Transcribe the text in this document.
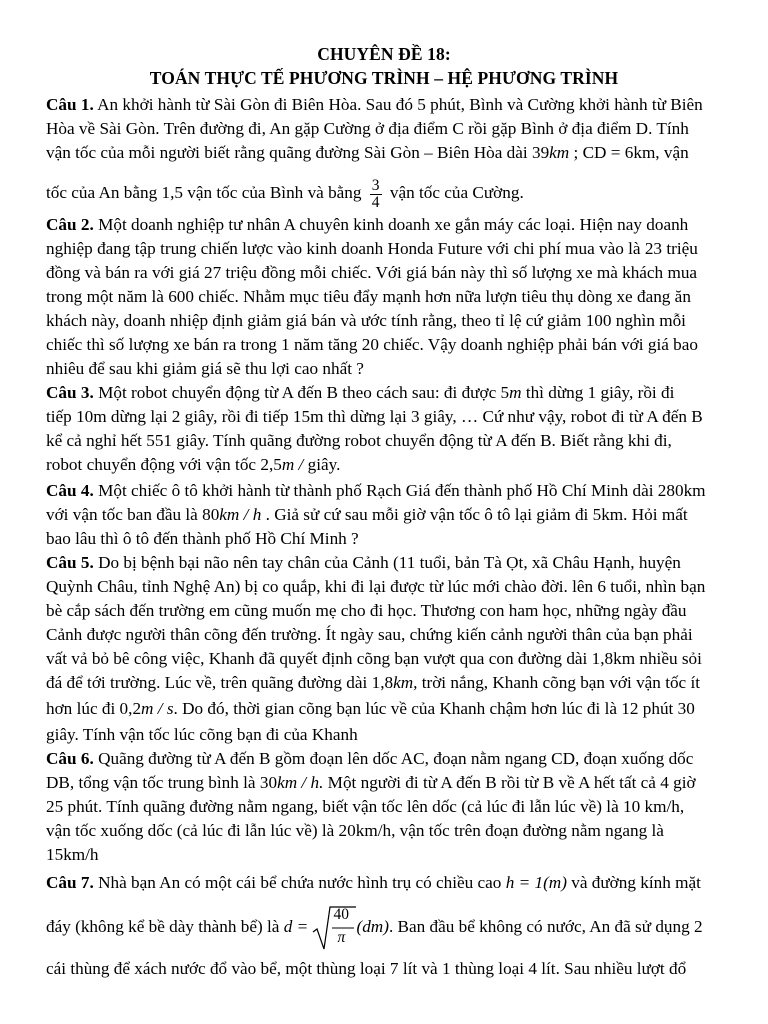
CHUYÊN ĐỀ 18:
TOÁN THỰC TẾ PHƯƠNG TRÌNH – HỆ PHƯƠNG TRÌNH
Câu 1. An khởi hành từ Sài Gòn đi Biên Hòa. Sau đó 5 phút, Bình và Cường khởi hành từ Biên
Hòa về Sài Gòn. Trên đường đi, An gặp Cường ở địa điểm C rồi gặp Bình ở địa điểm D. Tính
vận tốc của mỗi người biết rằng quãng đường Sài Gòn – Biên Hòa dài 39km ; CD = 6km, vận
tốc của An bằng 1,5 vận tốc của Bình và bằng $\frac{3}{4}$ vận tốc của Cường.
Câu 2. Một doanh nghiệp tư nhân A chuyên kinh doanh xe gắn máy các loại. Hiện nay doanh
nghiệp đang tập trung chiến lược vào kinh doanh Honda Future với chi phí mua vào là 23 triệu
đồng và bán ra với giá 27 triệu đồng mỗi chiếc. Với giá bán này thì số lượng xe mà khách mua
trong một năm là 600 chiếc. Nhằm mục tiêu đẩy mạnh hơn nữa lượn tiêu thụ dòng xe đang ăn
khách này, doanh nhiệp định giảm giá bán và ước tính rằng, theo tỉ lệ cứ giảm 100 nghìn mỗi
chiếc thì số lượng xe bán ra trong 1 năm tăng 20 chiếc. Vậy doanh nghiệp phải bán với giá bao
nhiêu để sau khi giảm giá sẽ thu lợi cao nhất ?
Câu 3. Một robot chuyển động từ A đến B theo cách sau: đi được 5m thì dừng 1 giây, rồi đi
tiếp 10m dừng lại 2 giây, rồi đi tiếp 15m thì dừng lại 3 giây, … Cứ như vậy, robot đi từ A đến B
kể cả nghỉ hết 551 giây. Tính quãng đường robot chuyển động từ A đến B. Biết rằng khi đi,
robot chuyển động với vận tốc 2,5m / giây.
Câu 4. Một chiếc ô tô khởi hành từ thành phố Rạch Giá đến thành phố Hồ Chí Minh dài 280km
với vận tốc ban đầu là 80km / h . Giả sử cứ sau mỗi giờ vận tốc ô tô lại giảm đi 5km. Hỏi mất
bao lâu thì ô tô đến thành phố Hồ Chí Minh ?
Câu 5. Do bị bệnh bại não nên tay chân của Cảnh (11 tuổi, bản Tà Ọt, xã Châu Hạnh, huyện
Quỳnh Châu, tỉnh Nghệ An) bị co quắp, khi đi lại được từ lúc mới chào đời. lên 6 tuổi, nhìn bạn
bè cắp sách đến trường em cũng muốn mẹ cho đi học. Thương con ham học, những ngày đầu
Cảnh được người thân cõng đến trường. Ít ngày sau, chứng kiến cảnh người thân của bạn phải
vất vả bỏ bê công việc, Khanh đã quyết định cõng bạn vượt qua con đường dài 1,8km nhiều sỏi
đá để tới trường. Lúc về, trên quãng đường dài 1,8km, trời nắng, Khanh cõng bạn với vận tốc ít
hơn lúc đi 0,2m / s. Do đó, thời gian cõng bạn lúc về của Khanh chậm hơn lúc đi là 12 phút 30
giây. Tính vận tốc lúc cõng bạn đi của Khanh
Câu 6. Quãng đường từ A đến B gồm đoạn lên dốc AC, đoạn nằm ngang CD, đoạn xuống dốc
DB, tổng vận tốc trung bình là 30km / h. Một người đi từ A đến B rồi từ B về A hết tất cả 4 giờ
25 phút. Tính quãng đường nằm ngang, biết vận tốc lên dốc (cả lúc đi lẫn lúc về) là 10 km/h,
vận tốc xuống dốc (cả lúc đi lẫn lúc về) là 20km/h, vận tốc trên đoạn đường nằm ngang là
15km/h
Câu 7. Nhà bạn An có một cái bể chứa nước hình trụ có chiều cao h = 1(m) và đường kính mặt
đáy (không kể bề dày thành bể) là d =
40
π
(dm). Ban đầu bể không có nước, An đã sử dụng 2
cái thùng để xách nước đổ vào bể, một thùng loại 7 lít và 1 thùng loại 4 lít. Sau nhiều lượt đổ
